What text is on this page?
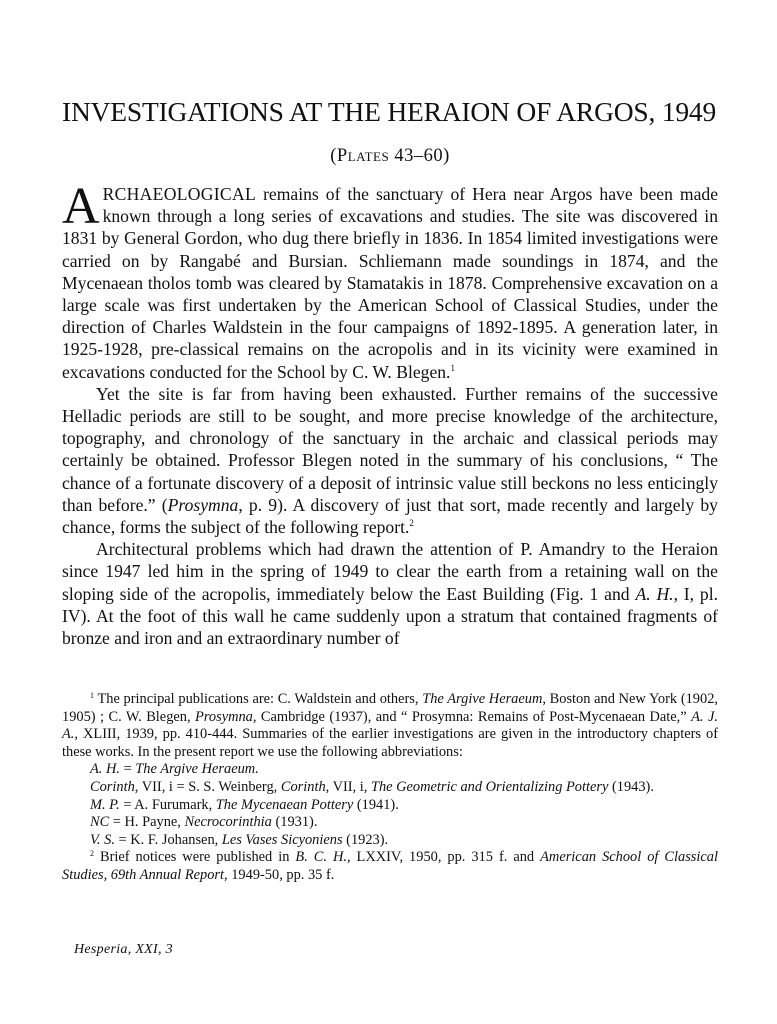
INVESTIGATIONS AT THE HERAION OF ARGOS, 1949
(Plates 43–60)

ARCHAEOLOGICAL remains of the sanctuary of Hera near Argos have been made known through a long series of excavations and studies. The site was discovered in 1831 by General Gordon, who dug there briefly in 1836. In 1854 limited investigations were carried on by Rangabé and Bursian. Schliemann made soundings in 1874, and the Mycenaean tholos tomb was cleared by Stamatakis in 1878. Comprehensive excavation on a large scale was first undertaken by the American School of Classical Studies, under the direction of Charles Waldstein in the four campaigns of 1892-1895. A generation later, in 1925-1928, pre-classical remains on the acropolis and in its vicinity were examined in excavations conducted for the School by C. W. Blegen.$^1$

Yet the site is far from having been exhausted. Further remains of the successive Helladic periods are still to be sought, and more precise knowledge of the architecture, topography, and chronology of the sanctuary in the archaic and classical periods may certainly be obtained. Professor Blegen noted in the summary of his conclusions, “ The chance of a fortunate discovery of a deposit of intrinsic value still beckons no less enticingly than before.” (Prosymna, p. 9). A discovery of just that sort, made recently and largely by chance, forms the subject of the following report.$^2$

Architectural problems which had drawn the attention of P. Amandry to the Heraion since 1947 led him in the spring of 1949 to clear the earth from a retaining wall on the sloping side of the acropolis, immediately below the East Building (Fig. 1 and A. H., I, pl. IV). At the foot of this wall he came suddenly upon a stratum that contained fragments of bronze and iron and an extraordinary number of

$^1$ The principal publications are: C. Waldstein and others, The Argive Heraeum, Boston and New York (1902, 1905) ; C. W. Blegen, Prosymna, Cambridge (1937), and “ Prosymna: Remains of Post-Mycenaean Date,” A. J. A., XLIII, 1939, pp. 410-444. Summaries of the earlier investigations are given in the introductory chapters of these works. In the present report we use the following abbreviations:

A. H. = The Argive Heraeum.

Corinth, VII, i = S. S. Weinberg, Corinth, VII, i, The Geometric and Orientalizing Pottery (1943).

M. P. = A. Furumark, The Mycenaean Pottery (1941).

NC = H. Payne, Necrocorinthia (1931).

V. S. = K. F. Johansen, Les Vases Sicyoniens (1923).

$^2$ Brief notices were published in B. C. H., LXXIV, 1950, pp. 315 f. and American School of Classical Studies, 69th Annual Report, 1949-50, pp. 35 f.

Hesperia, XXI, 3
